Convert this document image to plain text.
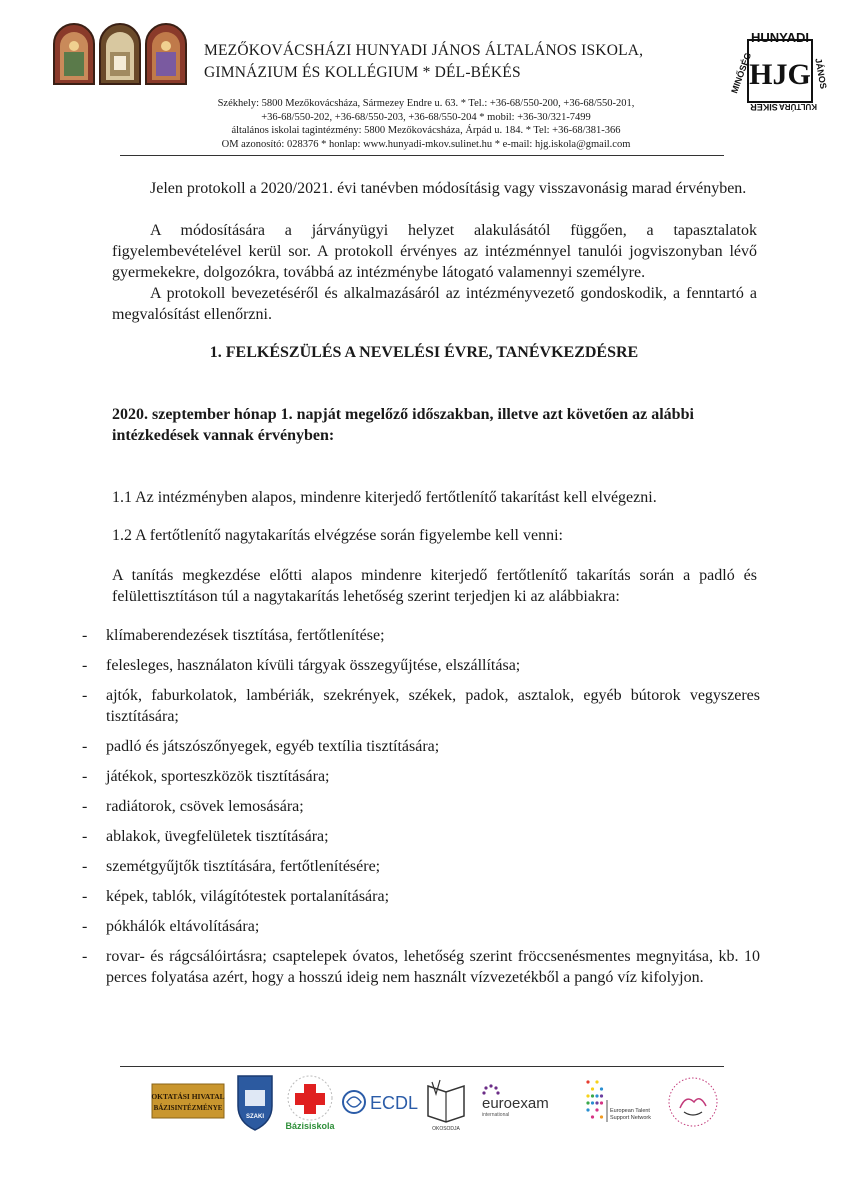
MEZŐKOVÁCSHÁZI HUNYADI JÁNOS ÁLTALÁNOS ISKOLA,
GIMNÁZIUM ÉS KOLLÉGIUM * DÉL-BÉKÉS
Székhely: 5800 Mezőkovácsháza, Sármezey Endre u. 63. * Tel.: +36-68/550-200, +36-68/550-201,
+36-68/550-202, +36-68/550-203, +36-68/550-204 * mobil: +36-30/321-7499
általános iskolai tagintézmény: 5800 Mezőkovácsháza, Árpád u. 184. * Tel: +36-68/381-366
OM azonosító: 028376 * honlap: www.hunyadi-mkov.sulinet.hu * e-mail: hjg.iskola@gmail.com
HUNYADI
HJG
MINŐSÉG	JÁNOS
SIKER KULTÚRA
Jelen protokoll a 2020/2021. évi tanévben módosításig vagy visszavonásig marad érvényben.
A módosítására a járványügyi helyzet alakulásától függően, a tapasztalatok figyelembevételével kerül sor. A protokoll érvényes az intézménnyel tanulói jogviszonyban lévő gyermekekre, dolgozókra, továbbá az intézménybe látogató valamennyi személyre.
A protokoll bevezetéséről és alkalmazásáról az intézményvezető gondoskodik, a fenntartó a megvalósítást ellenőrzni.
1. FELKÉSZÜLÉS A NEVELÉSI ÉVRE, TANÉVKEZDÉSRE
2020. szeptember hónap 1. napját megelőző időszakban, illetve azt követően az alábbi intézkedések vannak érvényben:
1.1 Az intézményben alapos, mindenre kiterjedő fertőtlenítő takarítást kell elvégezni.
1.2 A fertőtlenítő nagytakarítás elvégzése során figyelembe kell venni:
A tanítás megkezdése előtti alapos mindenre kiterjedő fertőtlenítő takarítás során a padló és felülettisztításon túl a nagytakarítás lehetőség szerint terjedjen ki az alábbiakra:
- klímaberendezések tisztítása, fertőtlenítése;
- felesleges, használaton kívüli tárgyak összegyűjtése, elszállítása;
- ajtók, faburkolatok, lambériák, szekrények, székek, padok, asztalok, egyéb bútorok vegyszeres tisztítására;
- padló és játszószőnyegek, egyéb textília tisztítására;
- játékok, sporteszközök tisztítására;
- radiátorok, csövek lemosására;
- ablakok, üvegfelületek tisztítására;
- szemétgyűjtők tisztítására, fertőtlenítésére;
- képek, tablók, világítótestek portalanítására;
- pókhálók eltávolítására;
- rovar- és rágcsálóirtásra; csaptelepek óvatos, lehetőség szerint fröccsenésmentes megnyitása, kb. 10 perces folyatása azért, hogy a hosszú ideig nem használt vízvezetékből a pangó víz kifolyjon.
OKTATÁSI HIVATAL
BÁZISINTÉZMÉNYE
SZAKI
Bázisiskola
ECDL
OKOSODJA
euroexam
international
European Talent
Support Network
